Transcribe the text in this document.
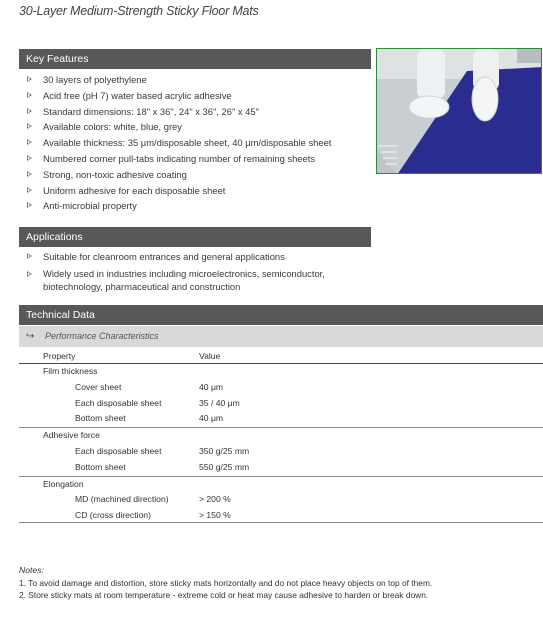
30-Layer Medium-Strength Sticky Floor Mats
Key Features
30 layers of polyethylene
Acid free (pH 7) water based acrylic adhesive
Standard dimensions: 18" x 36", 24" x 36", 26" x 45"
Available colors: white, blue, grey
Available thickness: 35 μm/disposable sheet, 40 μm/disposable sheet
Numbered corner pull-tabs indicating number of remaining sheets
Strong, non-toxic adhesive coating
Uniform adhesive for each disposable sheet
Anti-microbial property
Applications
Suitable for cleanroom entrances and general applications
Widely used in industries including microelectronics, semiconductor, biotechnology, pharmaceutical and construction
Technical Data
↪ Performance Characteristics
Property	Value
Film thickness
Cover sheet	40 μm
Each disposable sheet	35 / 40 μm
Bottom sheet	40 μm
Adhesive force
Each disposable sheet	350 g/25 mm
Bottom sheet	550 g/25 mm
Elongation
MD (machined direction)	> 200 %
CD (cross direction)	> 150 %
Notes:
1. To avoid damage and distortion, store sticky mats horizontally and do not place heavy objects on top of them.
2. Store sticky mats at room temperature - extreme cold or heat may cause adhesive to harden or break down.
